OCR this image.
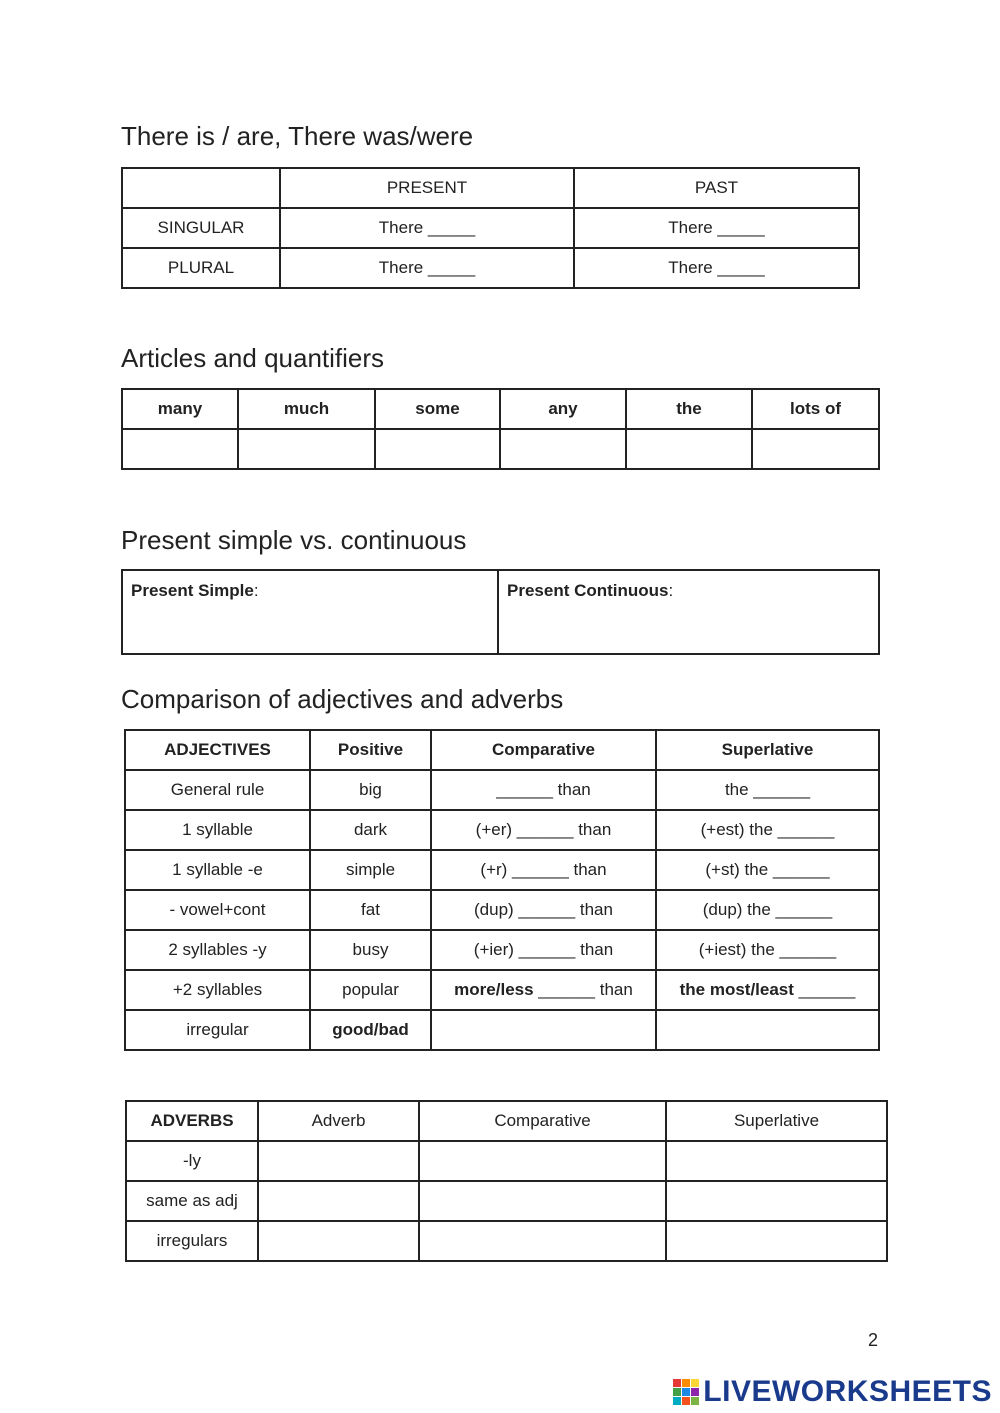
There is / are, There was/were
	PRESENT	PAST
SINGULAR	There _____	There _____
PLURAL	There _____	There _____
Articles and quantifiers
many	much	some	any	the	lots of

Present simple vs. continuous
Present Simple:	Present Continuous:
Comparison of adjectives and adverbs
ADJECTIVES	Positive	Comparative	Superlative
General rule	big	______ than	the ______
1 syllable	dark	(+er) ______ than	(+est) the ______
1 syllable -e	simple	(+r) ______ than	(+st) the ______
- vowel+cont	fat	(dup) ______ than	(dup) the ______
2 syllables -y	busy	(+ier) ______ than	(+iest) the ______
+2 syllables	popular	more/less ______ than	the most/least ______
irregular	good/bad		
ADVERBS	Adverb	Comparative	Superlative
-ly			
same as adj			
irregulars			
2
LIVEWORKSHEETS
